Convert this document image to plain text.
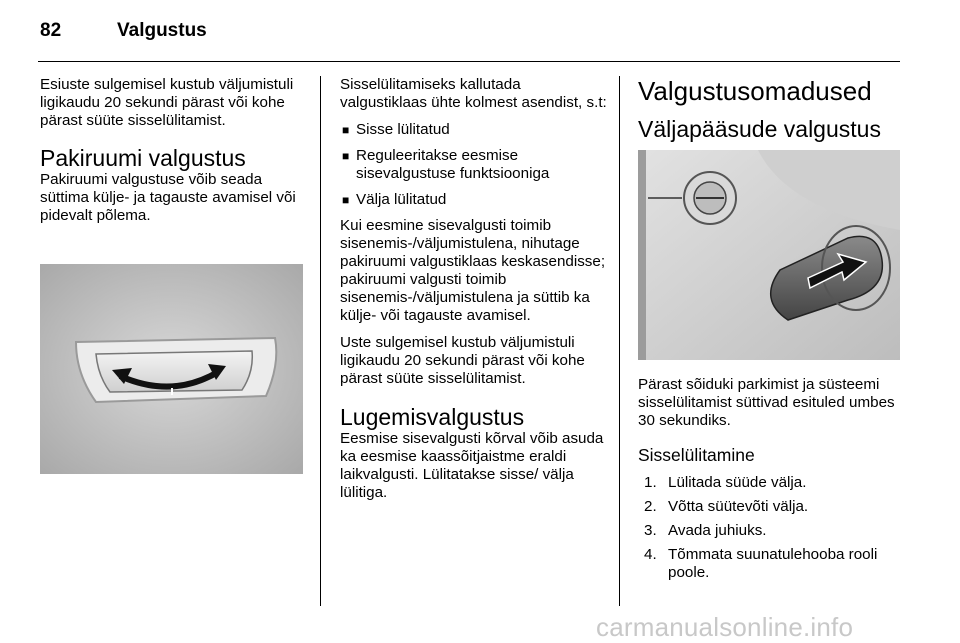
82	Valgustus

Esiuste sulgemisel kustub väljumistuli ligikaudu 20 sekundi pärast või kohe pärast süüte sisselülitamist.

Pakiruumi valgustus

Pakiruumi valgustuse võib seada süttima külje- ja tagauste avamisel või pidevalt põlema.

Sisselülitamiseks kallutada valgustiklaas ühte kolmest asendist, s.t:

■ Sisse lülitatud
■ Reguleeritakse eesmise sisevalgustuse funktsiooniga
■ Välja lülitatud

Kui eesmine sisevalgusti toimib sisenemis-/väljumistulena, nihutage pakiruumi valgustiklaas keskasendisse; pakiruumi valgusti toimib sisenemis-/väljumistulena ja süttib ka külje- või tagauste avamisel.

Uste sulgemisel kustub väljumistuli ligikaudu 20 sekundi pärast või kohe pärast süüte sisselülitamist.

Lugemisvalgustus

Eesmise sisevalgusti kõrval võib asuda ka eesmise kaassõitjaistme eraldi laikvalgusti. Lülitatakse sisse/ välja lülitiga.

Valgustusomadused
Väljapääsude valgustus

Pärast sõiduki parkimist ja süsteemi sisselülitamist süttivad esituled umbes 30 sekundiks.

Sisselülitamine
1. Lülitada süüde välja.
2. Võtta süütevõti välja.
3. Avada juhiuks.
4. Tõmmata suunatulehooba rooli poole.
carmanualsonline.info
